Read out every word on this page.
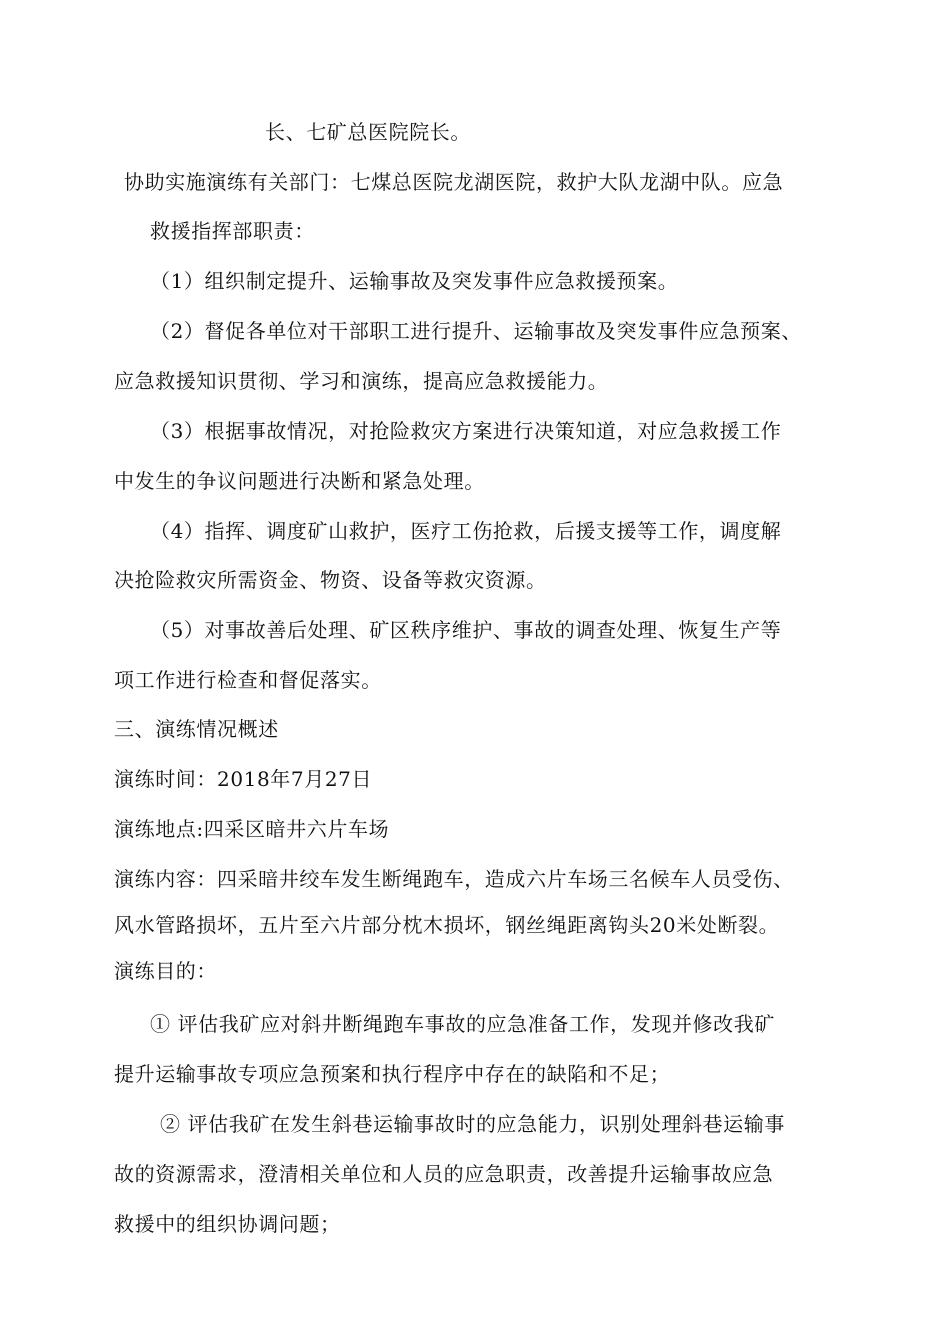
长、七矿总医院院长。

协助实施演练有关部门：七煤总医院龙湖医院，救护大队龙湖中队。应急

救援指挥部职责：

（1）组织制定提升、运输事故及突发事件应急救援预案。

（2）督促各单位对干部职工进行提升、运输事故及突发事件应急预案、

应急救援知识贯彻、学习和演练，提高应急救援能力。

（3）根据事故情况，对抢险救灾方案进行决策知道，对应急救援工作

中发生的争议问题进行决断和紧急处理。

（4）指挥、调度矿山救护，医疗工伤抢救，后援支援等工作，调度解

决抢险救灾所需资金、物资、设备等救灾资源。

（5）对事故善后处理、矿区秩序维护、事故的调查处理、恢复生产等

项工作进行检查和督促落实。

三、演练情况概述

演练时间：2018年7月27日

演练地点:四采区暗井六片车场

演练内容：四采暗井绞车发生断绳跑车，造成六片车场三名候车人员受伤、

风水管路损坏，五片至六片部分枕木损坏，钢丝绳距离钩头20米处断裂。

演练目的：

① 评估我矿应对斜井断绳跑车事故的应急准备工作，发现并修改我矿

提升运输事故专项应急预案和执行程序中存在的缺陷和不足；

② 评估我矿在发生斜巷运输事故时的应急能力，识别处理斜巷运输事

故的资源需求，澄清相关单位和人员的应急职责，改善提升运输事故应急

救援中的组织协调问题；
